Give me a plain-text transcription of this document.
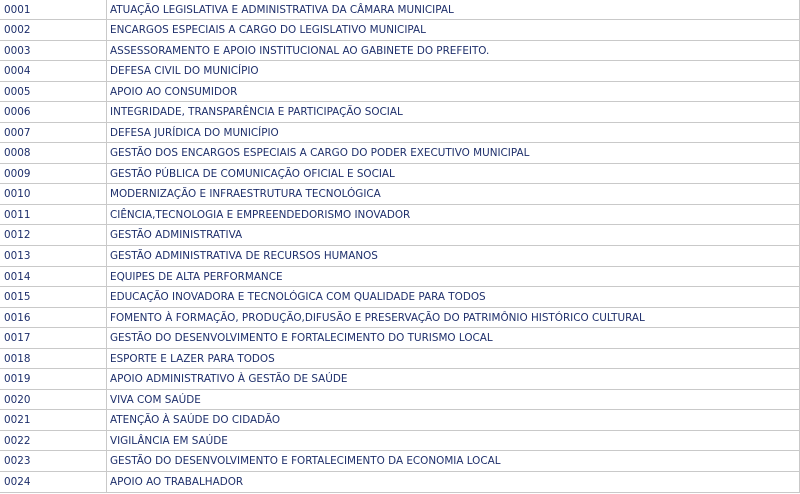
0001	ATUAÇÃO LEGISLATIVA E ADMINISTRATIVA DA CÂMARA MUNICIPAL
0002	ENCARGOS ESPECIAIS A CARGO DO LEGISLATIVO MUNICIPAL
0003	ASSESSORAMENTO E APOIO INSTITUCIONAL AO GABINETE DO PREFEITO.
0004	DEFESA CIVIL DO MUNICÍPIO
0005	APOIO AO CONSUMIDOR
0006	INTEGRIDADE, TRANSPARÊNCIA E PARTICIPAÇÃO SOCIAL
0007	DEFESA JURÍDICA DO MUNICÍPIO
0008	GESTÃO DOS ENCARGOS ESPECIAIS A CARGO DO PODER EXECUTIVO MUNICIPAL
0009	GESTÃO PÚBLICA DE COMUNICAÇÃO OFICIAL E SOCIAL
0010	MODERNIZAÇÃO E INFRAESTRUTURA TECNOLÓGICA
0011	CIÊNCIA,TECNOLOGIA E EMPREENDEDORISMO INOVADOR
0012	GESTÃO ADMINISTRATIVA
0013	GESTÃO ADMINISTRATIVA DE RECURSOS HUMANOS
0014	EQUIPES DE ALTA PERFORMANCE
0015	EDUCAÇÃO INOVADORA E TECNOLÓGICA COM QUALIDADE PARA TODOS
0016	FOMENTO À FORMAÇÃO, PRODUÇÃO,DIFUSÃO E PRESERVAÇÃO DO PATRIMÔNIO HISTÓRICO CULTURAL
0017	GESTÃO DO DESENVOLVIMENTO E FORTALECIMENTO DO TURISMO LOCAL
0018	ESPORTE E LAZER PARA TODOS
0019	APOIO ADMINISTRATIVO À GESTÃO DE SAÚDE
0020	VIVA COM SAÚDE
0021	ATENÇÃO À SAÚDE DO CIDADÃO
0022	VIGILÂNCIA EM SAÚDE
0023	GESTÃO DO DESENVOLVIMENTO E FORTALECIMENTO DA ECONOMIA LOCAL
0024	APOIO AO TRABALHADOR
